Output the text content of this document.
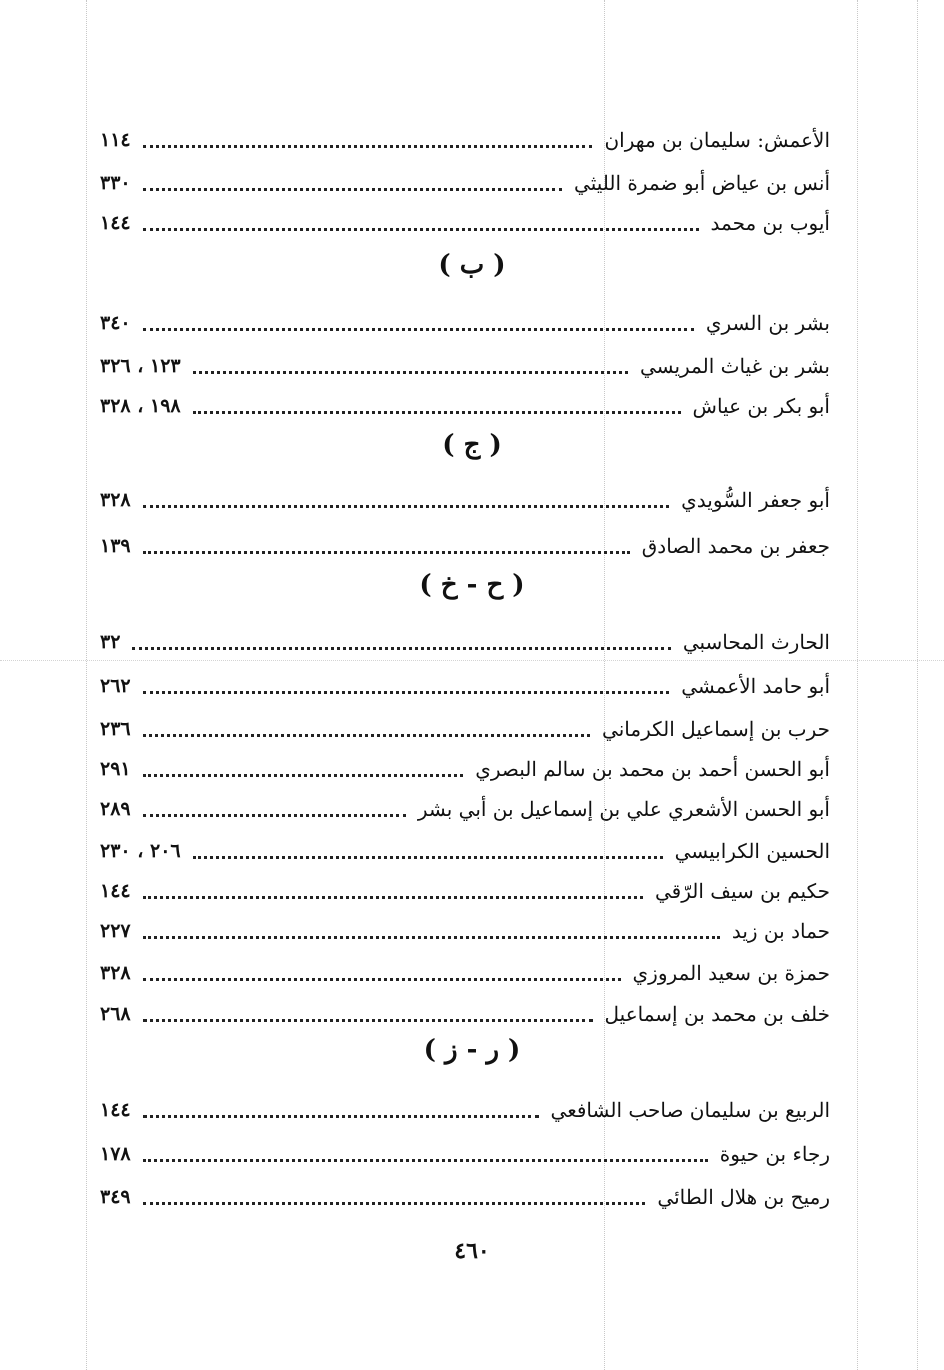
الأعمش: سليمان بن مهران
١١٤
أنس بن عياض أبو ضمرة الليثي
٣٣٠
أيوب بن محمد
١٤٤
( ب )
بشر بن السري
٣٤٠
بشر بن غياث المريسي
١٢٣ ، ٣٢٦
أبو بكر بن عياش
١٩٨ ، ٣٢٨
( ج )
أبو جعفر السُّويدي
٣٢٨
جعفر بن محمد الصادق
١٣٩
( ح - خ )
الحارث المحاسبي
٣٢
أبو حامد الأعمشي
٢٦٢
حرب بن إسماعيل الكرماني
٢٣٦
أبو الحسن أحمد بن محمد بن سالم البصري
٢٩١
أبو الحسن الأشعري علي بن إسماعيل بن أبي بشر
٢٨٩
الحسين الكرابيسي
٢٠٦ ، ٢٣٠
حكيم بن سيف الرّقي
١٤٤
حماد بن زيد
٢٢٧
حمزة بن سعيد المروزي
٣٢٨
خلف بن محمد بن إسماعيل
٢٦٨
( ر - ز )
الربيع بن سليمان صاحب الشافعي
١٤٤
رجاء بن حيوة
١٧٨
رميح بن هلال الطائي
٣٤٩
٤٦٠
